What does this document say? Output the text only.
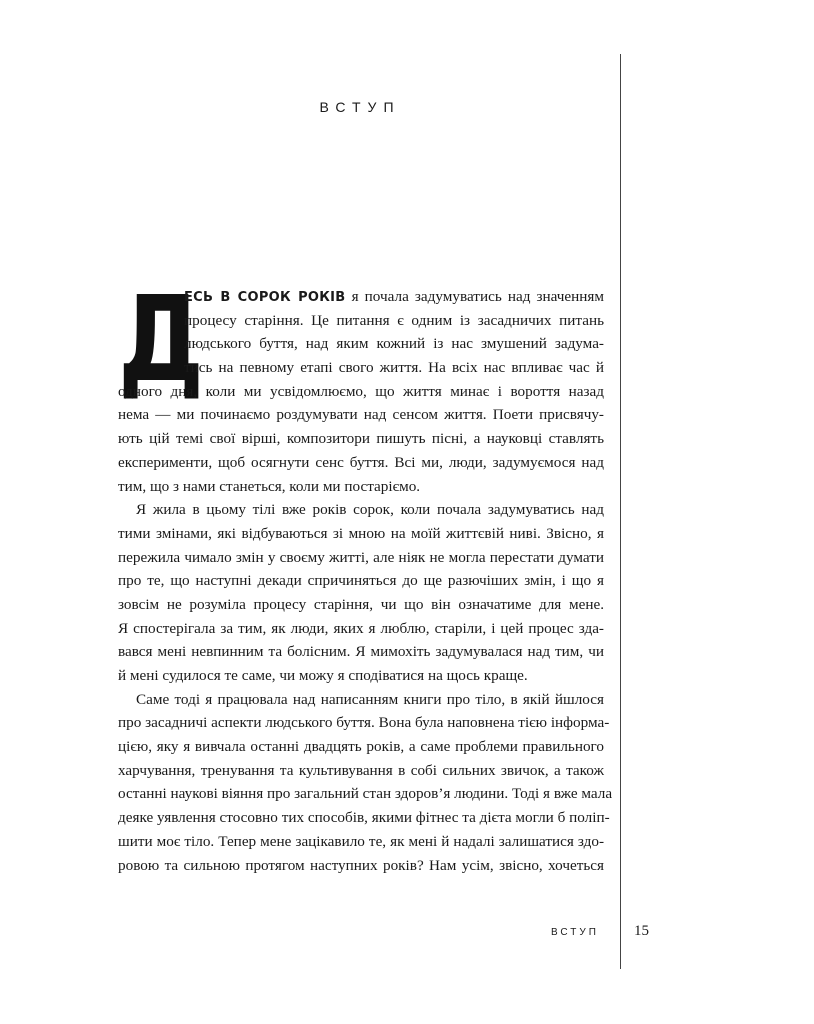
ВСТУП
Д
ЕСЬ В СОРОК РОКІВ я почала задумуватись над значенням
процесу старіння. Це питання є одним із засадничих питань
людського буття, над яким кожний із нас змушений задума-
тись на певному етапі свого життя. На всіх нас впливає час й
одного дня, коли ми усвідомлюємо, що життя минає і вороття назад
нема — ми починаємо роздумувати над сенсом життя. Поети присвячу-
ють цій темі свої вірші, композитори пишуть пісні, а науковці ставлять
експерименти, щоб осягнути сенс буття. Всі ми, люди, задумуємося над
тим, що з нами станеться, коли ми постаріємо.
Я жила в цьому тілі вже років сорок, коли почала задумуватись над
тими змінами, які відбуваються зі мною на моїй життєвій ниві. Звісно, я
пережила чимало змін у своєму житті, але ніяк не могла перестати думати
про те, що наступні декади спричиняться до ще разючіших змін, і що я
зовсім не розуміла процесу старіння, чи що він означатиме для мене.
Я спостерігала за тим, як люди, яких я люблю, старіли, і цей процес зда-
вався мені невпинним та болісним. Я мимохіть задумувалася над тим, чи
й мені судилося те саме, чи можу я сподіватися на щось краще.
Саме тоді я працювала над написанням книги про тіло, в якій йшлося
про засадничі аспекти людського буття. Вона була наповнена тією інформа-
цією, яку я вивчала останні двадцять років, а саме проблеми правильного
харчування, тренування та культивування в собі сильних звичок, а також
останні наукові віяння про загальний стан здоров’я людини. Тоді я вже мала
деяке уявлення стосовно тих способів, якими фітнес та дієта могли б поліп-
шити моє тіло. Тепер мене зацікавило те, як мені й надалі залишатися здо-
ровою та сильною протягом наступних років? Нам усім, звісно, хочеться
ВСТУП 15
